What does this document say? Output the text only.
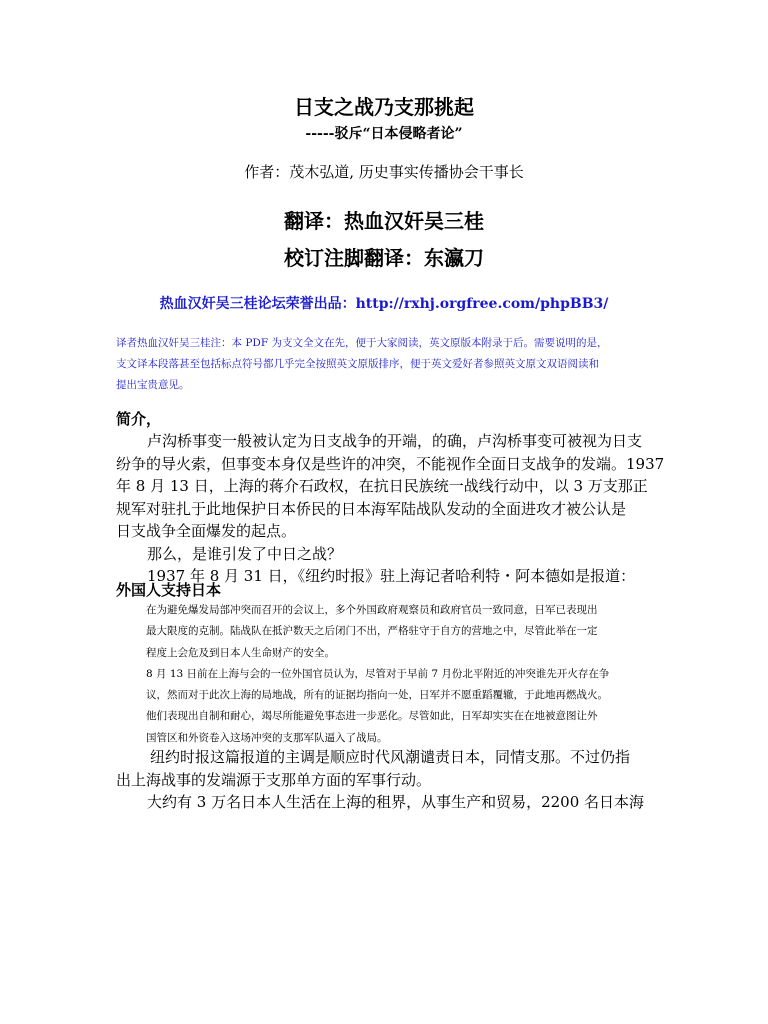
日支之战乃支那挑起
-----驳斥“日本侵略者论”
作者：茂木弘道, 历史事实传播协会干事长
翻译：热血汉奸吴三桂
校订注脚翻译：东瀛刀
热血汉奸吴三桂论坛荣誉出品：http://rxhj.orgfree.com/phpBB3/

译者热血汉奸吴三桂注：本 PDF 为支文全文在先，便于大家阅读，英文原版本附录于后。需要说明的是，

支文译本段落甚至包括标点符号都几乎完全按照英文原版排序，便于英文爱好者参照英文原文双语阅读和

提出宝贵意见。

简介，

卢沟桥事变一般被认定为日支战争的开端，的确，卢沟桥事变可被视为日支

纷争的导火索，但事变本身仅是些许的冲突，不能视作全面日支战争的发端。1937

年 8 月 13 日，上海的蒋介石政权，在抗日民族统一战线行动中，以 3 万支那正

规军对驻扎于此地保护日本侨民的日本海军陆战队发动的全面进攻才被公认是

日支战争全面爆发的起点。

那么，是谁引发了中日之战？

1937 年 8 月 31 日，《纽约时报》驻上海记者哈利特・阿本德如是报道：

外国人支持日本

在为避免爆发局部冲突而召开的会议上，多个外国政府观察员和政府官员一致同意，日军已表现出

最大限度的克制。陆战队在抵沪数天之后闭门不出，严格驻守于自方的营地之中，尽管此举在一定

程度上会危及到日本人生命财产的安全。

8 月 13 日前在上海与会的一位外国官员认为，尽管对于早前 7 月份北平附近的冲突谁先开火存在争

议，然而对于此次上海的局地战，所有的证据均指向一处，日军并不愿重蹈覆辙，于此地再燃战火。

他们表现出自制和耐心，竭尽所能避免事态进一步恶化。尽管如此，日军却实实在在地被意图让外

国管区和外资卷入这场冲突的支那军队逼入了战局。

纽约时报这篇报道的主调是顺应时代风潮谴责日本，同情支那。不过仍指

出上海战事的发端源于支那单方面的军事行动。

大约有 3 万名日本人生活在上海的租界，从事生产和贸易，2200 名日本海
